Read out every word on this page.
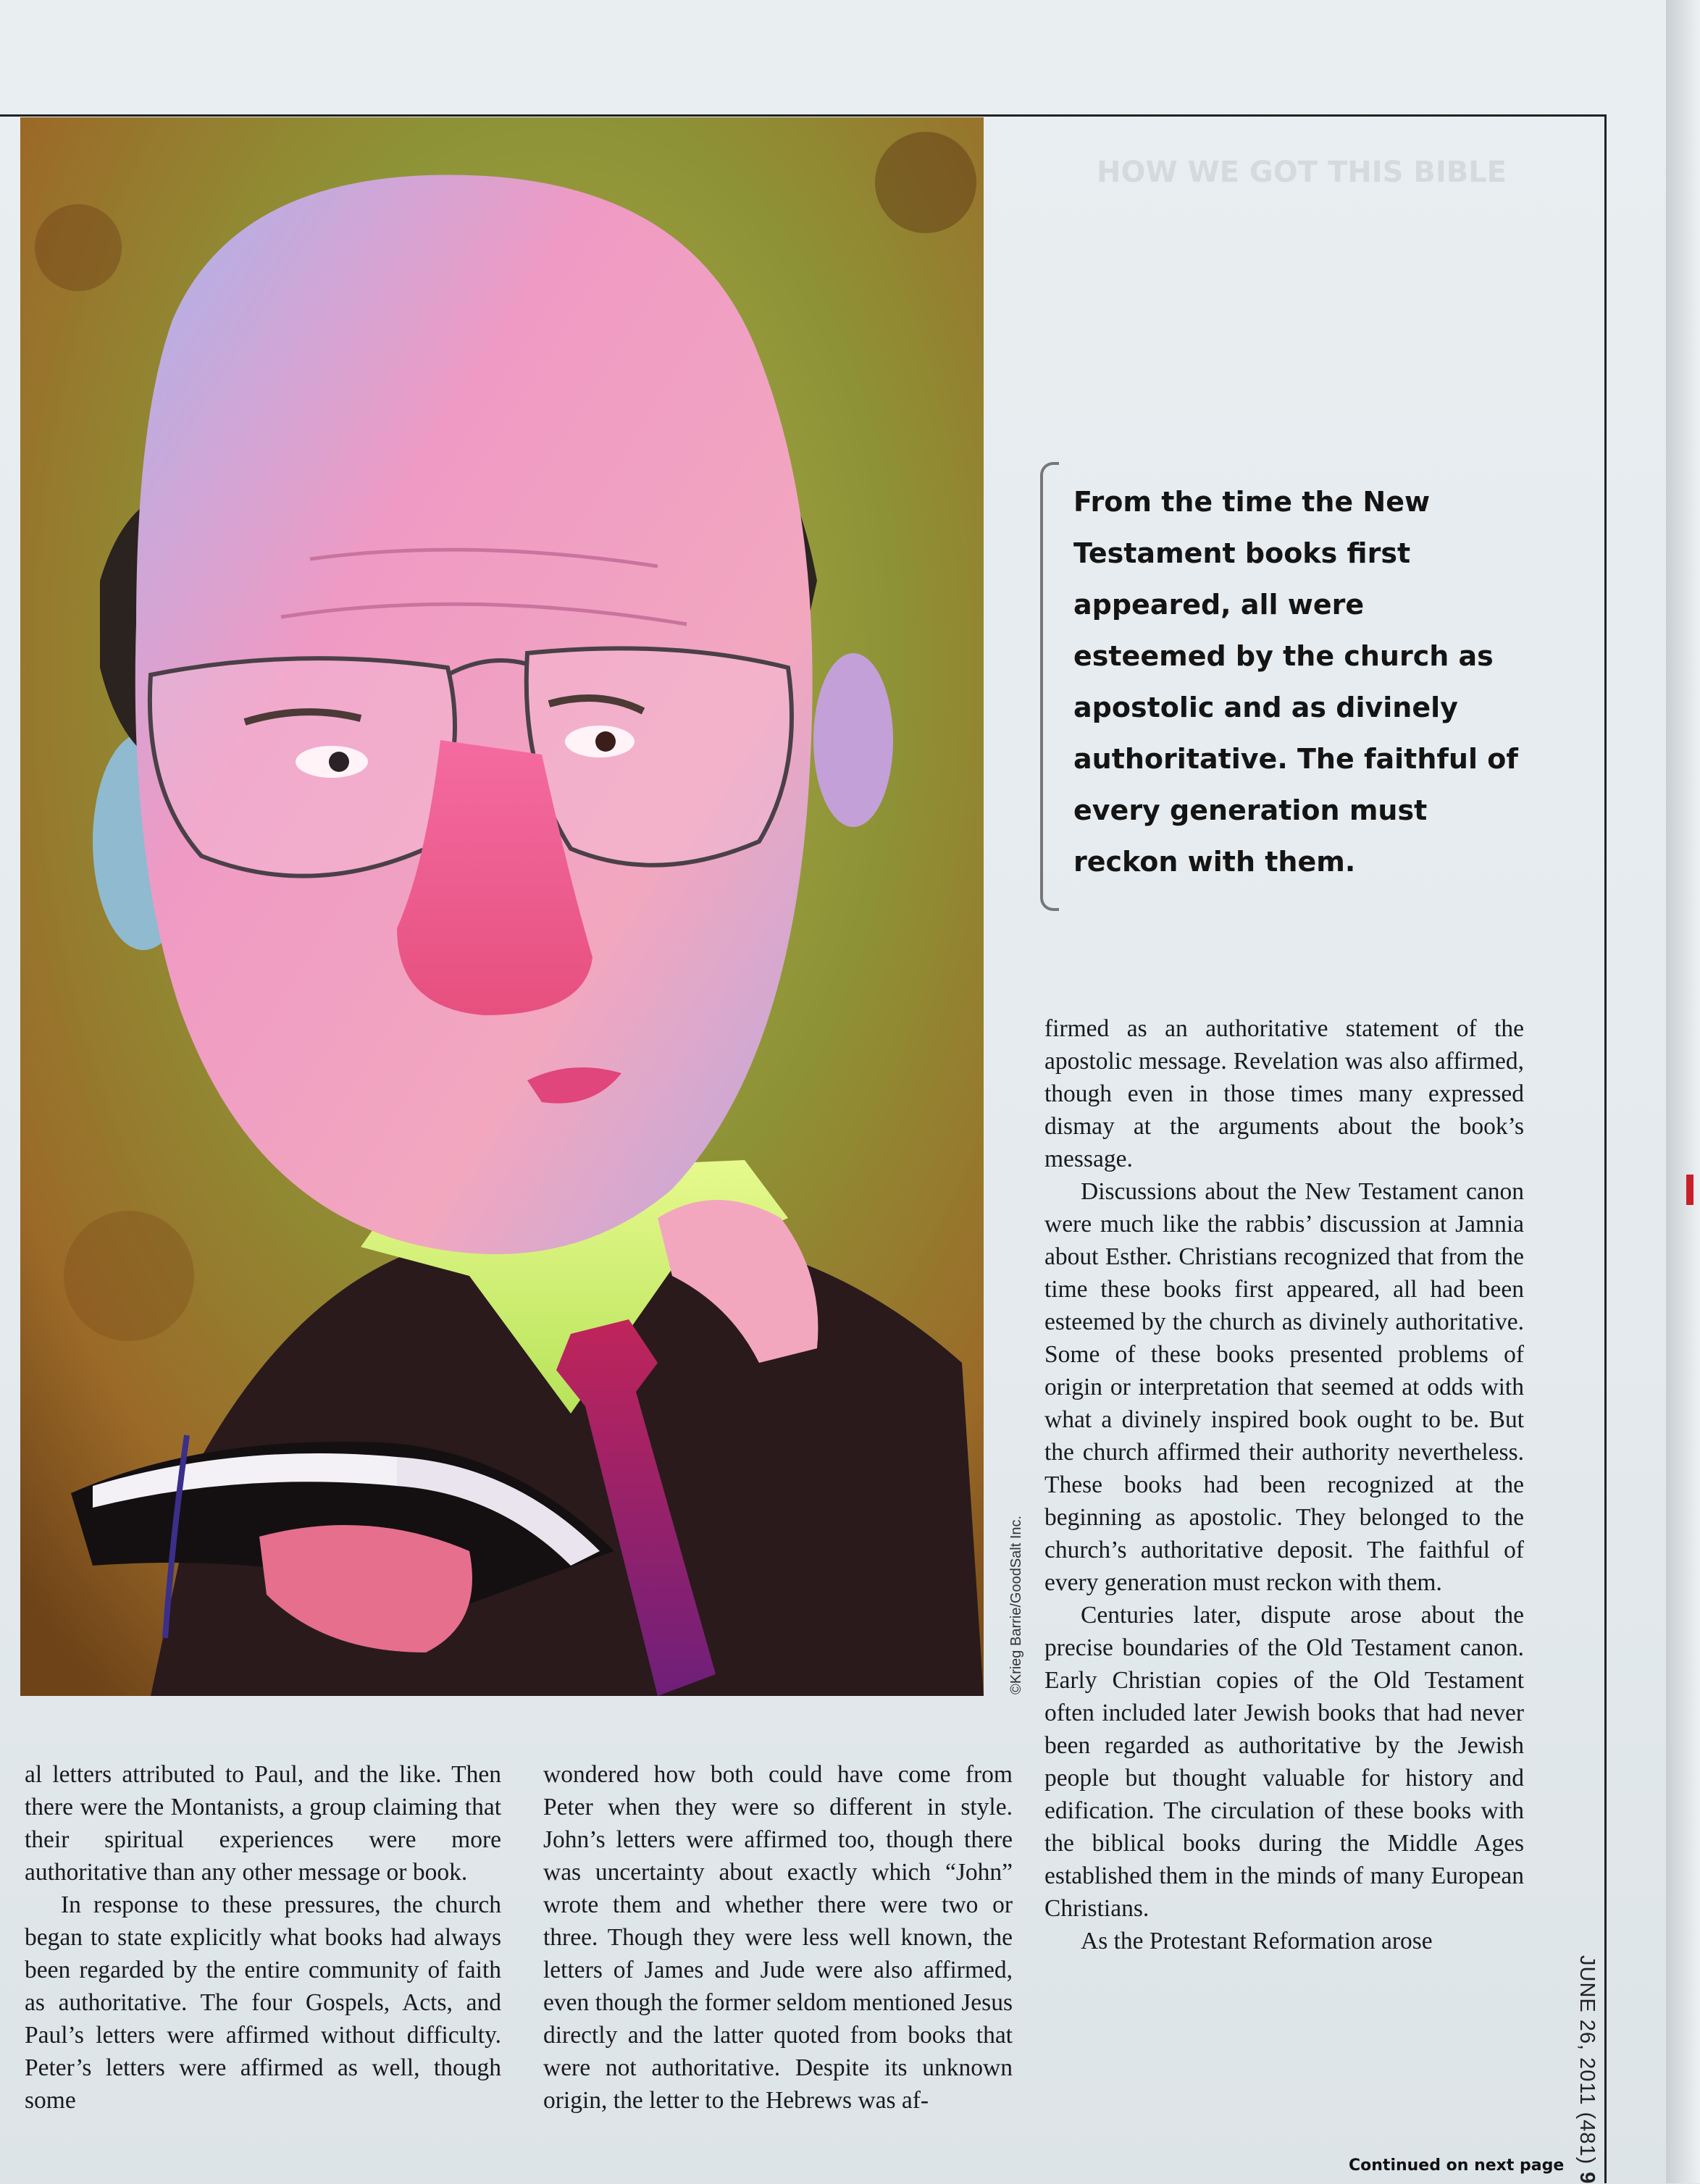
©Krieg Barrie/GoodSalt Inc.
HOW WE GOT THIS BIBLE
From the time the New Testament books first appeared, all were esteemed by the church as apostolic and as divinely authoritative. The faithful of every generation must reckon with them.

firmed as an authoritative statement of the apostolic message. Revelation was also affirmed, though even in those times many expressed dismay at the arguments about the book’s message.

Discussions about the New Testament canon were much like the rabbis’ discussion at Jamnia about Esther. Christians recognized that from the time these books first appeared, all had been esteemed by the church as divinely authoritative. Some of these books presented problems of origin or interpretation that seemed at odds with what a divinely inspired book ought to be. But the church affirmed their authority nevertheless. These books had been recognized at the beginning as apostolic. They belonged to the church’s authoritative deposit. The faithful of every generation must reckon with them.

Centuries later, dispute arose about the precise boundaries of the Old Testament canon. Early Christian copies of the Old Testament often included later Jewish books that had never been regarded as authoritative by the Jewish people but thought valuable for history and edification. The circulation of these books with the biblical books during the Middle Ages established them in the minds of many European Christians.

As the Protestant Reformation arose

al letters attributed to Paul, and the like. Then there were the Montanists, a group claiming that their spiritual experiences were more authoritative than any other message or book.

In response to these pressures, the church began to state explicitly what books had always been regarded by the entire community of faith as authoritative. The four Gospels, Acts, and Paul’s letters were affirmed without difficulty. Peter’s letters were affirmed as well, though some

wondered how both could have come from Peter when they were so different in style. John’s letters were affirmed too, though there was uncertainty about exactly which “John” wrote them and whether there were two or three. Though they were less well known, the letters of James and Jude were also affirmed, even though the former seldom mentioned Jesus directly and the latter quoted from books that were not authoritative. Despite its unknown origin, the letter to the Hebrews was af-

Continued on next page
JUNE 26, 2011 (481)9
